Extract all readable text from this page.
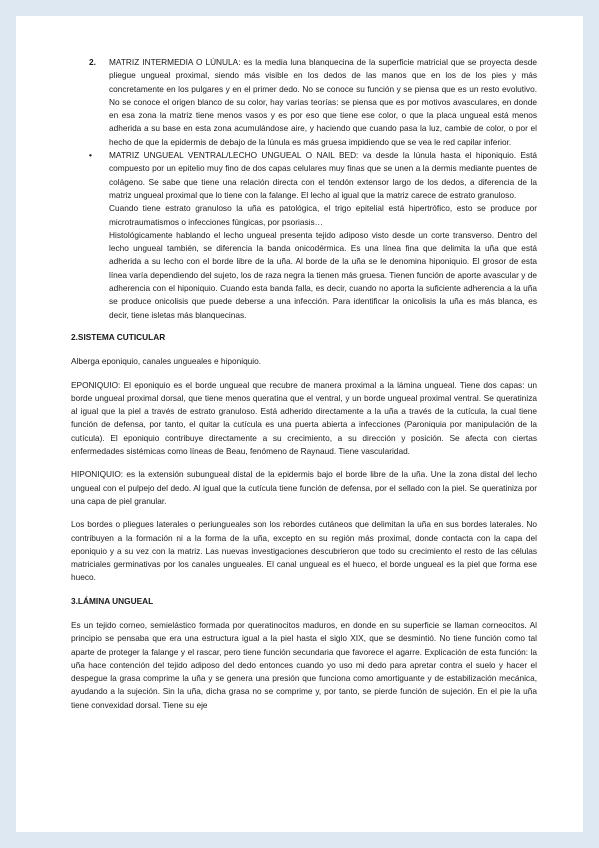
2. MATRIZ INTERMEDIA O LÚNULA: es la media luna blanquecina de la superficie matricial que se proyecta desde pliegue ungueal proximal, siendo más visible en los dedos de las manos que en los de los pies y más concretamente en los pulgares y en el primer dedo. No se conoce su función y se piensa que es un resto evolutivo. No se conoce el origen blanco de su color, hay varias teorías: se piensa que es por motivos avasculares, en donde en esa zona la matriz tiene menos vasos y es por eso que tiene ese color, o que la placa ungueal está menos adherida a su base en esta zona acumulándose aire, y haciendo que cuando pasa la luz, cambie de color, o por el hecho de que la epidermis de debajo de la lúnula es más gruesa impidiendo que se vea le red capilar inferior.

• MATRIZ UNGUEAL VENTRAL/LECHO UNGUEAL O NAIL BED: va desde la lúnula hasta el hiponiquio. Está compuesto por un epitelio muy fino de dos capas celulares muy finas que se unen a la dermis mediante puentes de colágeno. Se sabe que tiene una relación directa con el tendón extensor largo de los dedos, a diferencia de la matriz ungueal proximal que lo tiene con la falange. El lecho al igual que la matriz carece de estrato granuloso.

Cuando tiene estrato granuloso la uña es patológica, el trigo epitelial está hipertrófico, esto se produce por microtraumatismos o infecciones fúngicas, por psoriasis…

Histológicamente hablando el lecho ungueal presenta tejido adiposo visto desde un corte transverso. Dentro del lecho ungueal también, se diferencia la banda onicodérmica. Es una línea fina que delimita la uña que está adherida a su lecho con el borde libre de la uña. Al borde de la uña se le denomina hiponiquio. El grosor de esta línea varía dependiendo del sujeto, los de raza negra la tienen más gruesa. Tienen función de aporte avascular y de adherencia con el hiponiquio. Cuando esta banda falla, es decir, cuando no aporta la suficiente adherencia a la uña se produce onicolisis que puede deberse a una infección. Para identificar la onicolisis la uña es más blanca, es decir, tiene isletas más blanquecinas.

2.SISTEMA CUTICULAR

Alberga eponiquio, canales ungueales e hiponiquio.

EPONIQUIO: El eponiquio es el borde ungueal que recubre de manera proximal a la lámina ungueal. Tiene dos capas: un borde ungueal proximal dorsal, que tiene menos queratina que el ventral, y un borde ungueal proximal ventral. Se queratiniza al igual que la piel a través de estrato granuloso. Está adherido directamente a la uña a través de la cutícula, la cual tiene función de defensa, por tanto, el quitar la cutícula es una puerta abierta a infecciones (Paroniquia por manipulación de la cutícula). El eponiquio contribuye directamente a su crecimiento, a su dirección y posición. Se afecta con ciertas enfermedades sistémicas como líneas de Beau, fenómeno de Raynaud. Tiene vascularidad.

HIPONIQUIO: es la extensión subungueal distal de la epidermis bajo el borde libre de la uña. Une la zona distal del lecho ungueal con el pulpejo del dedo. Al igual que la cutícula tiene función de defensa, por el sellado con la piel. Se queratiniza por una capa de piel granular.

Los bordes o pliegues laterales o periungueales son los rebordes cutáneos que delimitan la uña en sus bordes laterales. No contribuyen a la formación ni a la forma de la uña, excepto en su región más proximal, donde contacta con la capa del eponiquio y a su vez con la matriz. Las nuevas investigaciones descubrieron que todo su crecimiento el resto de las células matriciales germinativas por los canales ungueales. El canal ungueal es el hueco, el borde ungueal es la piel que forma ese hueco.

3.LÁMINA UNGUEAL

Es un tejido corneo, semielástico formada por queratinocitos maduros, en donde en su superficie se llaman corneocitos. Al principio se pensaba que era una estructura igual a la piel hasta el siglo XIX, que se desmintió. No tiene función como tal aparte de proteger la falange y el rascar, pero tiene función secundaria que favorece el agarre. Explicación de esta función: la uña hace contención del tejido adiposo del dedo entonces cuando yo uso mi dedo para apretar contra el suelo y hacer el despegue la grasa comprime la uña y se genera una presión que funciona como amortiguante y de estabilización mecánica, ayudando a la sujeción. Sin la uña, dicha grasa no se comprime y, por tanto, se pierde función de sujeción. En el pie la uña tiene convexidad dorsal. Tiene su eje
